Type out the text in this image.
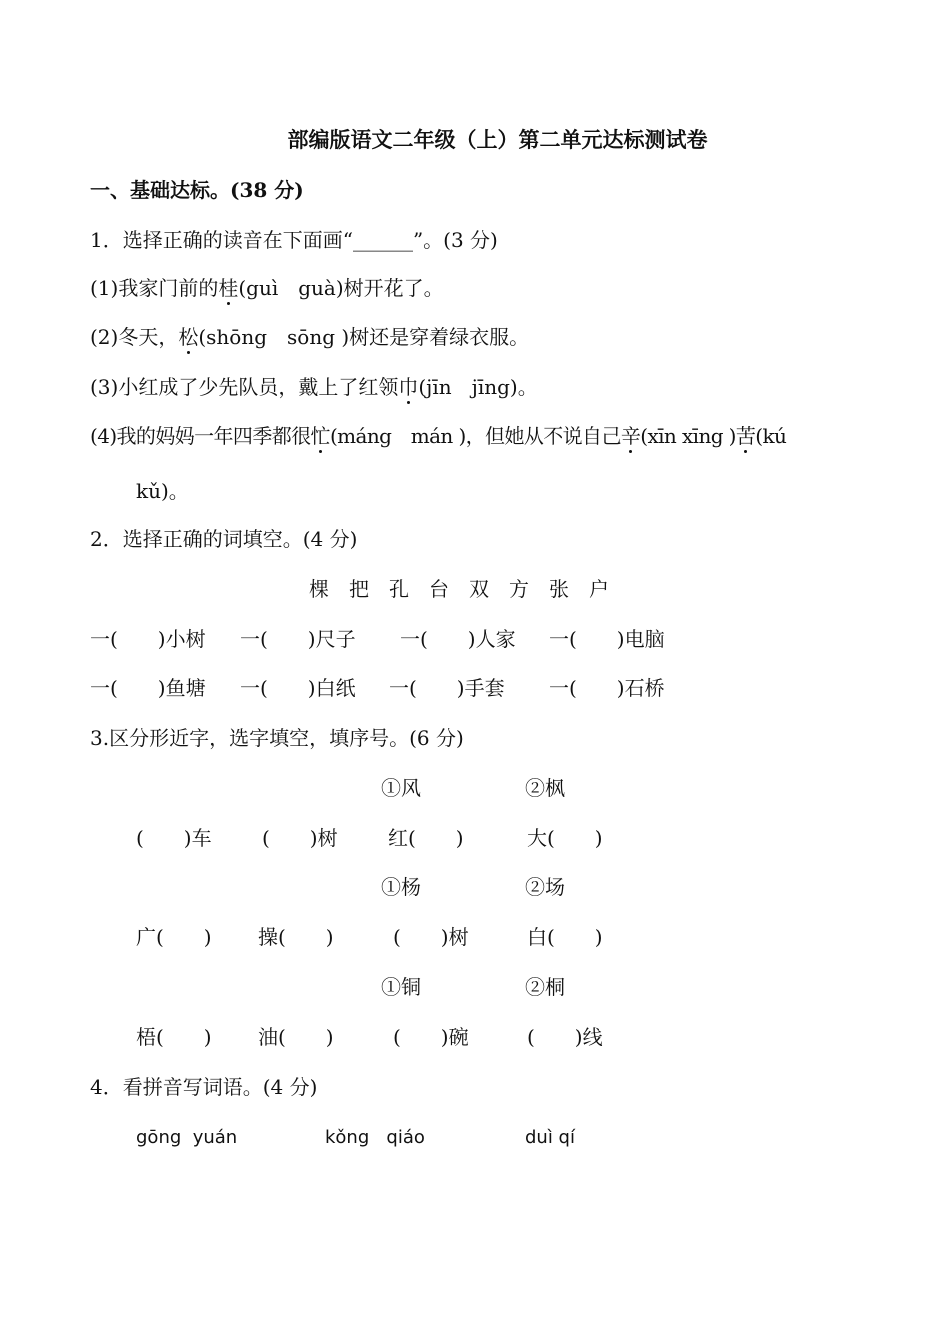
部编版语文二年级（上）第二单元达标测试卷
一、基础达标。(38 分)
1．选择正确的读音在下面画“______”。(3 分)
(1)我家门前的桂(guì　guà)树开花了。
(2)冬天，松(shōng　sōng )树还是穿着绿衣服。
(3)小红成了少先队员，戴上了红领巾(jīn　jīng)。
(4)我的妈妈一年四季都很忙(máng　mán )，但她从不说自己辛(xīn xīng )苦(kú
kǔ)。
2．选择正确的词填空。(4 分)
棵　把　孔　台　双　方　张　户
一(　　)小树 一(　　)尺子 一(　　)人家 一(　　)电脑
一(　　)鱼塘 一(　　)白纸 一(　　)手套 一(　　)石桥
3.区分形近字，选字填空，填序号。(6 分)
①风	②枫
(　　)车	(　　)树	红(　　)	大(　　)
①杨	②场
广(　　) 操(　　)	(　　)树	白(　　)
①铜	②桐
梧(　　) 油(　　)	(　　)碗	(　　)线
4．看拼音写词语。(4 分)
gōng  yuán	kǒng   qiáo	duì qí
